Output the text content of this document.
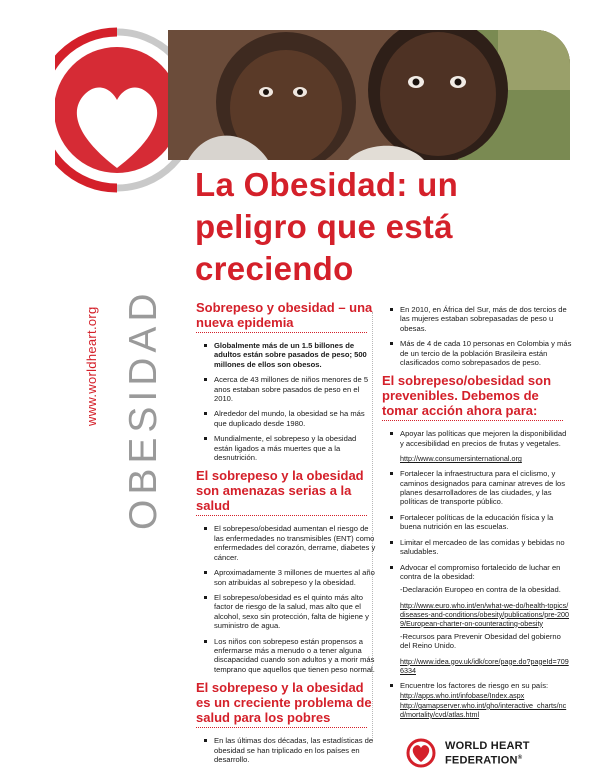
www.worldheart.org OBESIDAD
La Obesidad: un
peligro que está
creciendo
Sobrepeso y obesidad – una nueva epidemia
Globalmente más de un 1.5 billones de adultos están sobre pasados de peso; 500 millones de ellos son obesos.
Acerca de 43 millones de niños menores de 5 anos estaban sobre pasados de peso en el 2010.
Alrededor del mundo, la obesidad se ha más que duplicado desde 1980.
Mundialmente, el sobrepeso y la obesidad están ligados a más muertes que a la desnutrición.
El sobrepeso y la obesidad son amenazas serias a la salud
El sobrepeso/obesidad aumentan el riesgo de las enfermedades no transmisibles (ENT) como enfermedades del corazón, derrame, diabetes y cáncer.
Aproximadamente 3 millones de muertes al año son atribuidas al sobrepeso y la obesidad.
El sobrepeso/obesidad es el quinto más alto factor de riesgo de la salud, mas alto que el alcohol, sexo sin protección, falta de higiene y suministro de agua.
Los niños con sobrepeso están propensos a enfermarse más a menudo o a tener alguna discapacidad cuando son adultos y a morir más temprano que aquellos que tienen peso normal.
El sobrepeso y la obesidad es un creciente problema de salud para los pobres
En las últimas dos décadas, las estadísticas de obesidad se han triplicado en los países en desarrollo.
En 2010, en África del Sur, más de dos tercios de las mujeres estaban sobrepasadas de peso u obesas.
Más de 4 de cada 10 personas en Colombia y más de un tercio de la población Brasileira están clasificados como sobrepasados de peso.
El sobrepeso/obesidad son prevenibles. Debemos de tomar acción ahora para:
Apoyar las políticas que mejoren la disponibilidad y accesibilidad en precios de frutas y vegetales.
http://www.consumersinternational.org
Fortalecer la infraestructura para el ciclismo, y caminos designados para caminar atreves de los planes desarrolladores de las ciudades, y las políticas de transporte público.
Fortalecer políticas de la educación física y la buena nutrición en las escuelas.
Limitar el mercadeo de las comidas y bebidas no saludables.
Advocar el compromiso fortalecido de luchar en contra de la obesidad:
-Declaración Europeo en contra de la obesidad.
http://www.euro.who.int/en/what-we-do/health-topics/diseases-and-conditions/obesity/publications/pre-2009/European-charter-on-counteracting-obesity
-Recursos para Prevenir Obesidad del gobierno del Reino Unido.
http://www.idea.gov.uk/idk/core/page.do?pageId=7096334
Encuentre los factores de riesgo en su país:
http://apps.who.int/infobase/Index.aspx
http://gamapserver.who.int/gho/interactive_charts/ncd/mortality/cvd/atlas.html
WORLD HEART
FEDERATION®
